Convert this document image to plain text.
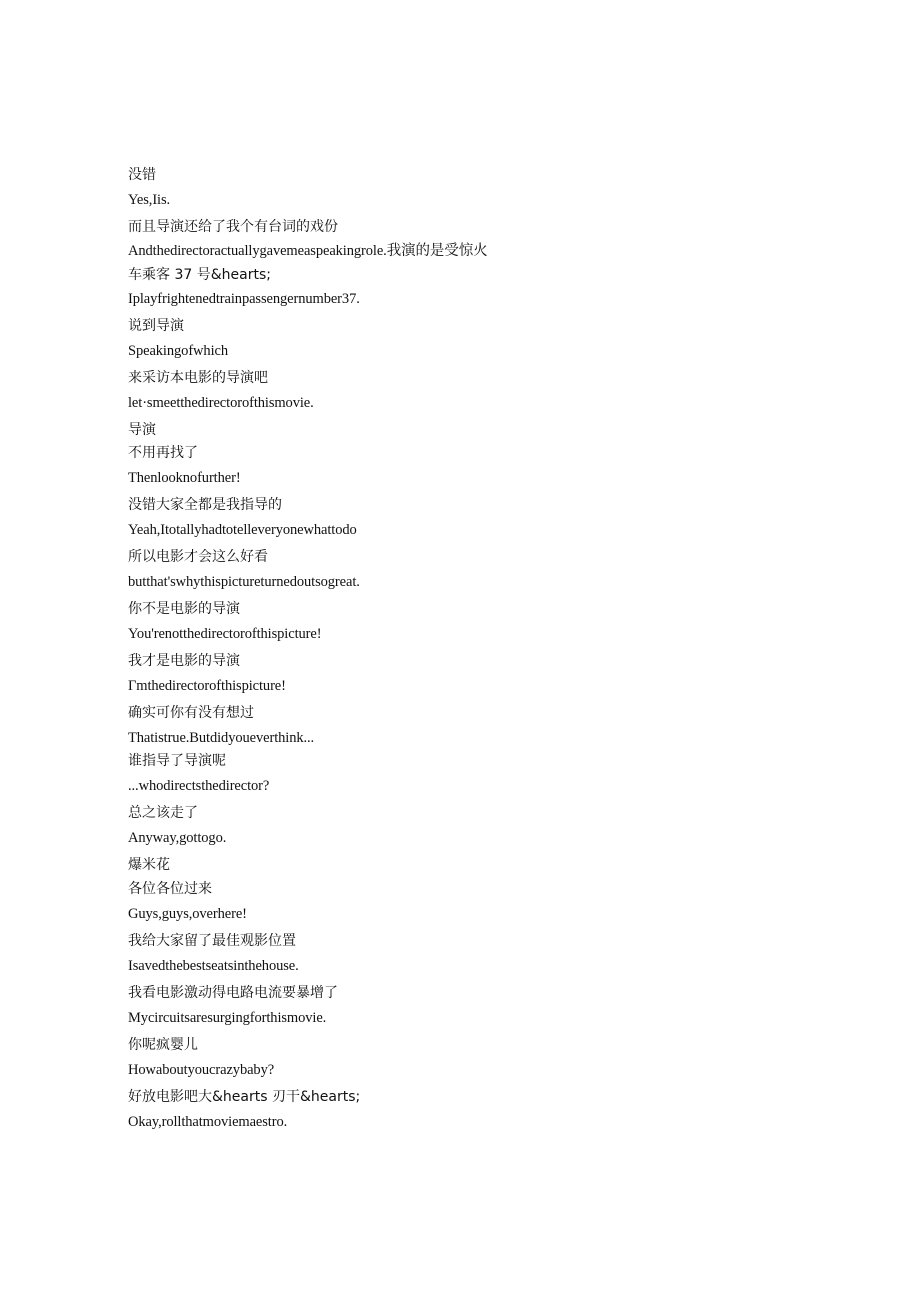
没错
Yes,Iis.
而且导演还给了我个有台词的戏份
Andthedirectoractuallygavemeaspeakingrole.我演的是受惊火
车乘客 37 号&hearts;
Iplayfrightenedtrainpassengernumber37.
说到导演
Speakingofwhich
来采访本电影的导演吧
let·smeetthedirectorofthismovie.
导演
不用再找了
Thenlooknofurther!
没错大家全都是我指导的
Yeah,Itotallyhadtotelleveryonewhattodo
所以电影才会这么好看
butthat'swhythispictureturnedoutsogreat.
你不是电影的导演
You'renotthedirectorofthispicture!
我才是电影的导演
Γmthedirectorofthispicture!
确实可你有没有想过
Thatistrue.Butdidyoueverthink...
谁指导了导演呢
...whodirectsthedirector?
总之该走了
Anyway,gottogo.
爆米花
各位各位过来
Guys,guys,overhere!
我给大家留了最佳观影位置
Isavedthebestseatsinthehouse.
我看电影激动得电路电流要暴增了
Mycircuitsaresurgingforthismovie.
你呢疯婴儿
Howaboutyoucrazybaby?
好放电影吧大&hearts 刃干&hearts;
Okay,rollthatmoviemaestro.
